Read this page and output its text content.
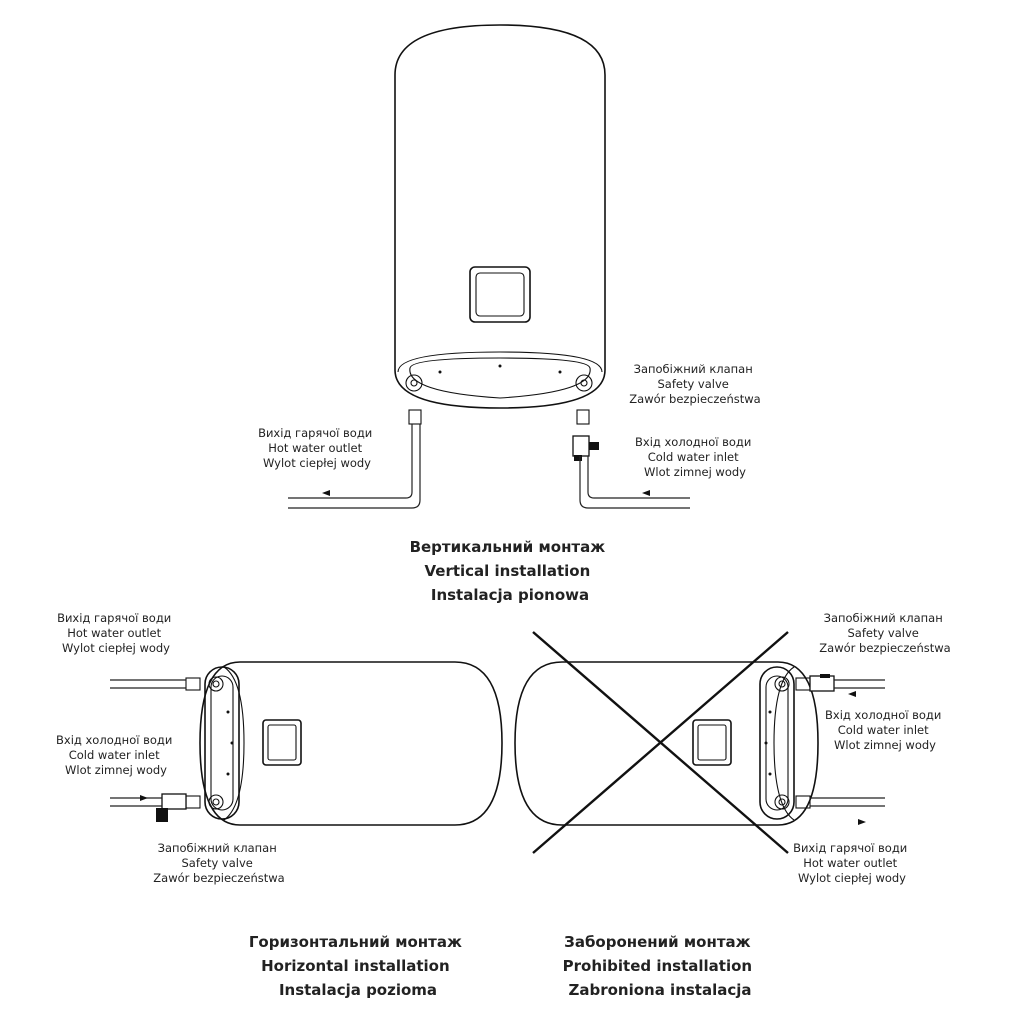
Запобіжний клапан Safety valve Zawór bezpieczeństwa
Вихід гарячої води Hot water outlet Wylot ciepłej wody
Вхід холодної води Cold water inlet Wlot zimnej wody
Вертикальний монтаж Vertical installation Instalacja pionowa
Вихід гарячої води Hot water outlet Wylot ciepłej wody
Вхід холодної води Cold water inlet Wlot zimnej wody
Запобіжний клапан Safety valve Zawór bezpieczeństwa
Горизонтальний монтаж Horizontal installation Instalacja pozioma
Запобіжний клапан Safety valve Zawór bezpieczeństwa
Вхід холодної води Cold water inlet Wlot zimnej wody
Вихід гарячої води Hot water outlet Wylot ciepłej wody
Заборонений монтаж Prohibited installation Zabroniona instalacja
